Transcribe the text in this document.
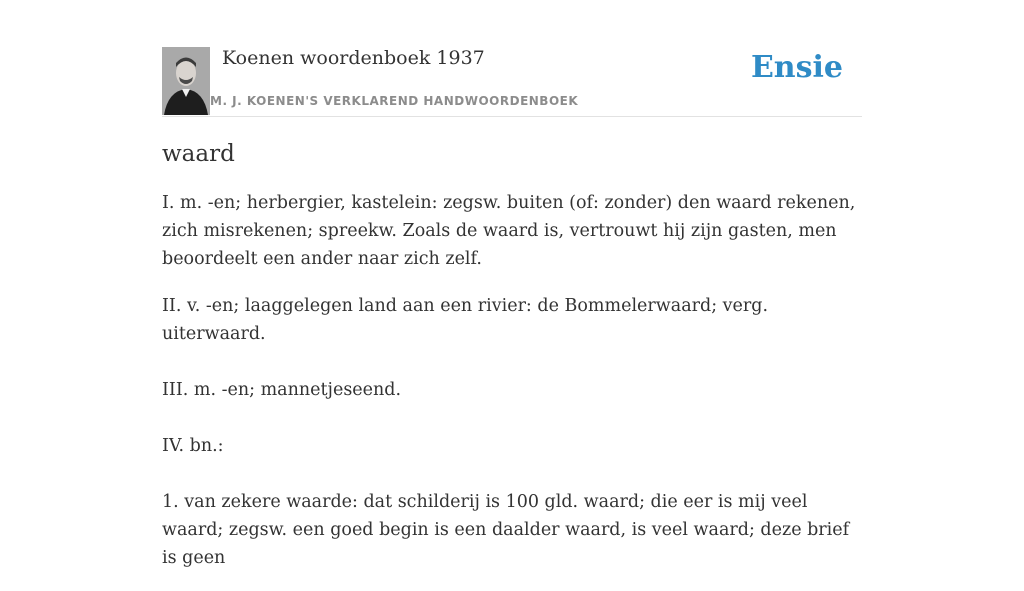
Koenen woordenboek 1937
M. J. KOENEN'S VERKLAREND HANDWOORDENBOEK
Ensie
waard

I. m. -en; herbergier, kastelein: zegsw. buiten (of: zonder) den waard rekenen, zich misrekenen; spreekw. Zoals de waard is, vertrouwt hij zijn gasten, men beoordeelt een ander naar zich zelf.

II. v. -en; laaggelegen land aan een rivier: de Bommelerwaard; verg. uiterwaard.

III. m. -en; mannetjeseend.

IV. bn.:

1. van zekere waarde: dat schilderij is 100 gld. waard; die eer is mij veel waard; zegsw. een goed begin is een daalder waard, is veel waard; deze brief is geen
